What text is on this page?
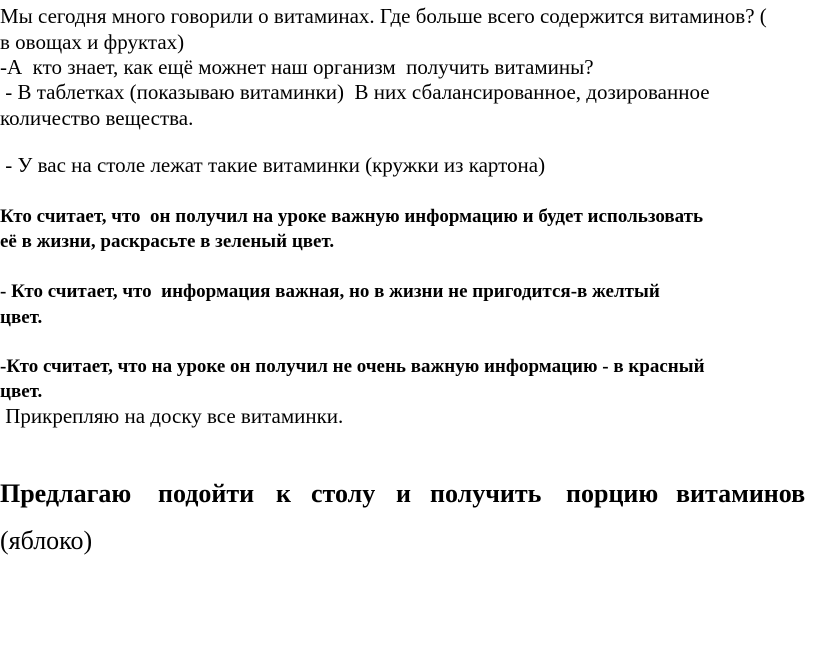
Мы сегодня много говорили о витаминах. Где больше всего содержится витаминов? (

в овощах и фруктах)

-А  кто знает, как ещё можнет наш организм  получить витамины?

- В таблетках (показываю витаминки)  В них сбалансированное, дозированное

количество вещества.

- У вас на столе лежат такие витаминки (кружки из картона)

Кто считает, что  он получил на уроке важную информацию и будет использовать

её в жизни, раскрасьте в зеленый цвет.

- Кто считает, что  информация важная, но в жизни не пригодится-в желтый

цвет.

-Кто считает, что на уроке он получил не очень важную информацию - в красный

цвет.

Прикрепляю на доску все витаминки.

Предлагаю подойти к столу и получить порцию витаминов

(яблоко)
